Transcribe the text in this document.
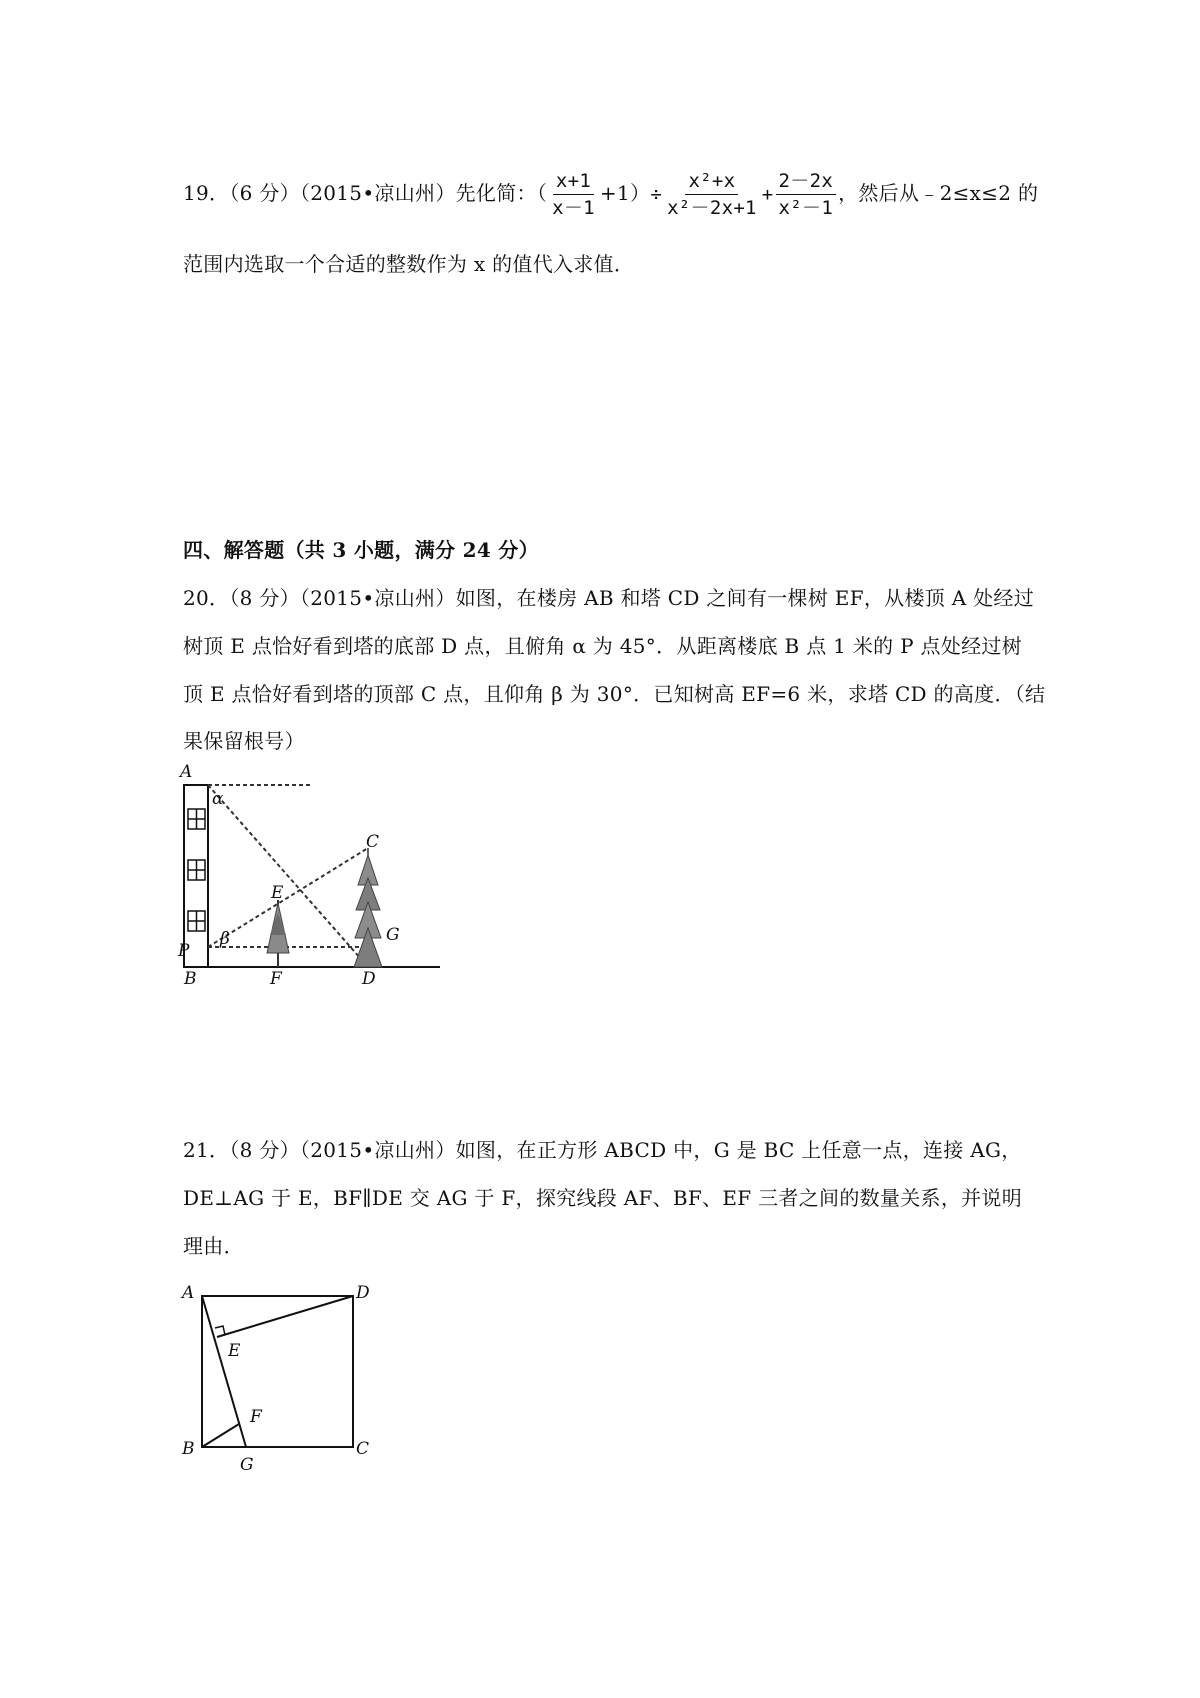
19．（6 分）（2015•凉山州）先化简：（ $\frac{x+1}{x-1} +1)\div \frac{\text{x²+x}}{\text{x²－2x+1}} + \frac{2-2x}{\text{x²－1}}$ ，然后从﹣2≤x≤2 的
范围内选取一个合适的整数作为 x 的值代入求值．
四、解答题（共 3 小题，满分 24 分）
20．（8 分）（2015•凉山州）如图，在楼房 AB 和塔 CD 之间有一棵树 EF，从楼顶 A 处经过
树顶 E 点恰好看到塔的底部 D 点，且俯角 α 为 45°．从距离楼底 B 点 1 米的 P 点处经过树
顶 E 点恰好看到塔的顶部 C 点，且仰角 β 为 30°．已知树高 EF=6 米，求塔 CD 的高度．（结
果保留根号）
A
α
C
E
β	G
P
B	F	D
21．（8 分）（2015•凉山州）如图，在正方形 ABCD 中，G 是 BC 上任意一点，连接 AG，
DE⊥AG 于 E，BF∥DE 交 AG 于 F，探究线段 AF、BF、EF 三者之间的数量关系，并说明
理由．
A	D
E
F
B
G
C
